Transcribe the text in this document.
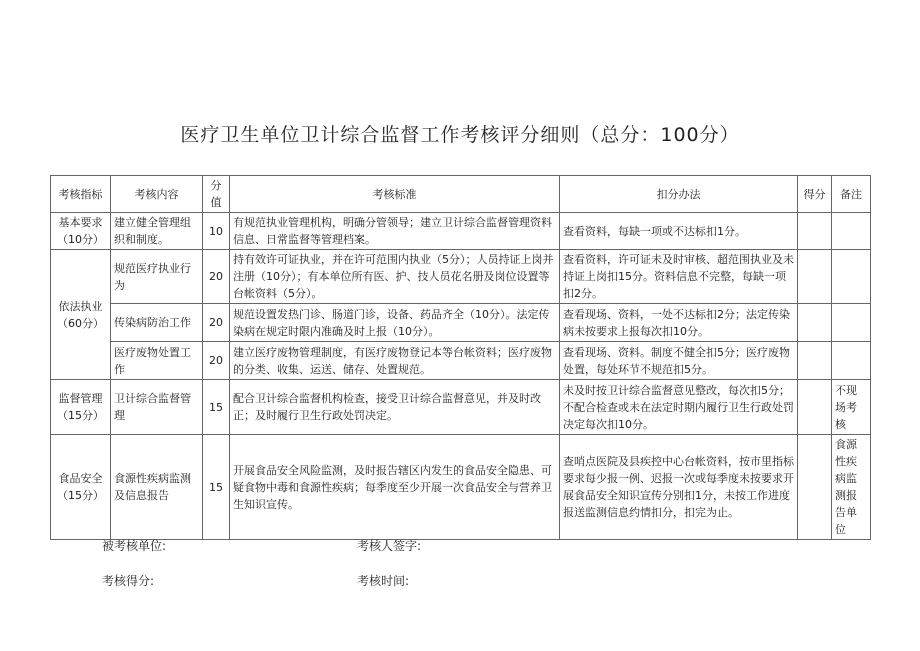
医疗卫生单位卫计综合监督工作考核评分细则（总分：100分）
考核指标	考核内容	分值	考核标准	扣分办法	得分	备注
基本要求（10分）	建立健全管理组织和制度。	10	有规范执业管理机构，明确分管领导；建立卫计综合监督管理资料信息、日常监督等管理档案。	查看资料，每缺一项或不达标扣1分。		
依法执业（60分）	规范医疗执业行为	20	持有效许可证执业，并在许可范围内执业（5分）；人员持证上岗并注册（10分）；有本单位所有医、护、技人员花名册及岗位设置等台帐资料（5分）。	查看资料，许可证未及时审核、超范围执业及未持证上岗扣15分。资料信息不完整，每缺一项扣2分。		
	传染病防治工作	20	规范设置发热门诊、肠道门诊，设备、药品齐全（10分）。法定传染病在规定时限内准确及时上报（10分）。	查看现场、资料，一处不达标扣2分；法定传染病未按要求上报每次扣10分。		
	医疗废物处置工作	20	建立医疗废物管理制度，有医疗废物登记本等台帐资料；医疗废物的分类、收集、运送、储存、处置规范。	查看现场、资料。制度不健全扣5分；医疗废物处置，每处环节不规范扣5分。		
监督管理（15分）	卫计综合监督管理	15	配合卫计综合监督机构检查，接受卫计综合监督意见，并及时改正；及时履行卫生行政处罚决定。	未及时按卫计综合监督意见整改，每次扣5分；不配合检查或未在法定时期内履行卫生行政处罚决定每次扣10分。		不现场考核
食品安全（15分）	食源性疾病监测及信息报告	15	开展食品安全风险监测，及时报告辖区内发生的食品安全隐患、可疑食物中毒和食源性疾病；每季度至少开展一次食品安全与营养卫生知识宣传。	查哨点医院及县疾控中心台帐资料，按市里指标要求每少报一例、迟报一次或每季度未按要求开展食品安全知识宣传分别扣1分，未按工作进度报送监测信息约情扣分，扣完为止。		食源性疾病监测报告单位
被考核单位:	考核人签字:
考核得分:	考核时间:
